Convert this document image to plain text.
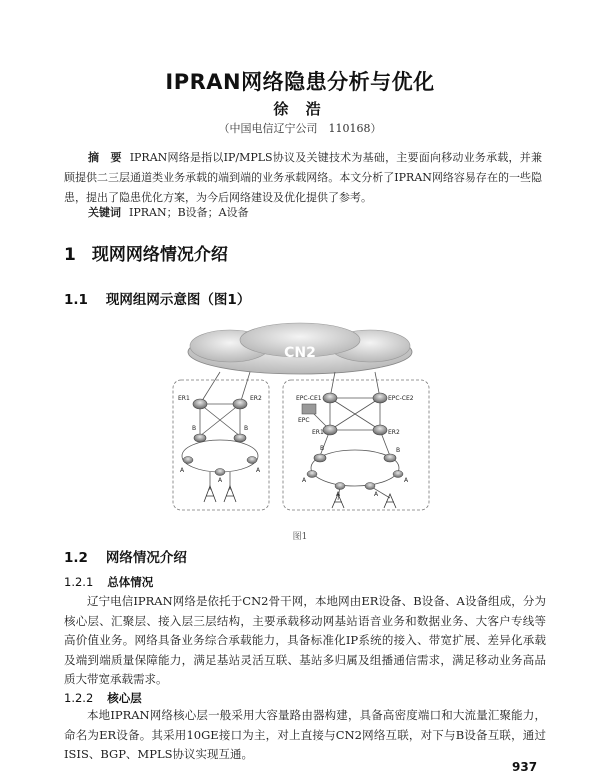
IPRAN网络隐患分析与优化
徐 浩
（中国电信辽宁公司　110168）
摘　要 IPRAN网络是指以IP/MPLS协议及关键技术为基础，主要面向移动业务承载，并兼顾提供二三层通道类业务承载的端到端的业务承载网络。本文分析了IPRAN网络容易存在的一些隐患，提出了隐患优化方案，为今后网络建设及优化提供了参考。
关键词 IPRAN；B设备；A设备
1 现网网络情况介绍
1.1 现网组网示意图（图1）
CN2
ER1	ER2
B	B
A
A
A
EPC-CE1	EPC-CE2
EPC
ER1	ER2
B	B
A
A	A
A
图1
1.2 网络情况介绍
1.2.1 总体情况
辽宁电信IPRAN网络是依托于CN2骨干网，本地网由ER设备、B设备、A设备组成，分为核心层、汇聚层、接入层三层结构，主要承载移动网基站语音业务和数据业务、大客户专线等高价值业务。网络具备业务综合承载能力，具备标准化IP系统的接入、带宽扩展、差异化承载及端到端质量保障能力，满足基站灵活互联、基站多归属及组播通信需求，满足移动业务高品质大带宽承载需求。
1.2.2 核心层
本地IPRAN网络核心层一般采用大容量路由器构建，具备高密度端口和大流量汇聚能力，命名为ER设备。其采用10GE接口为主，对上直接与CN2网络互联，对下与B设备互联，通过ISIS、BGP、MPLS协议实现互通。
937
